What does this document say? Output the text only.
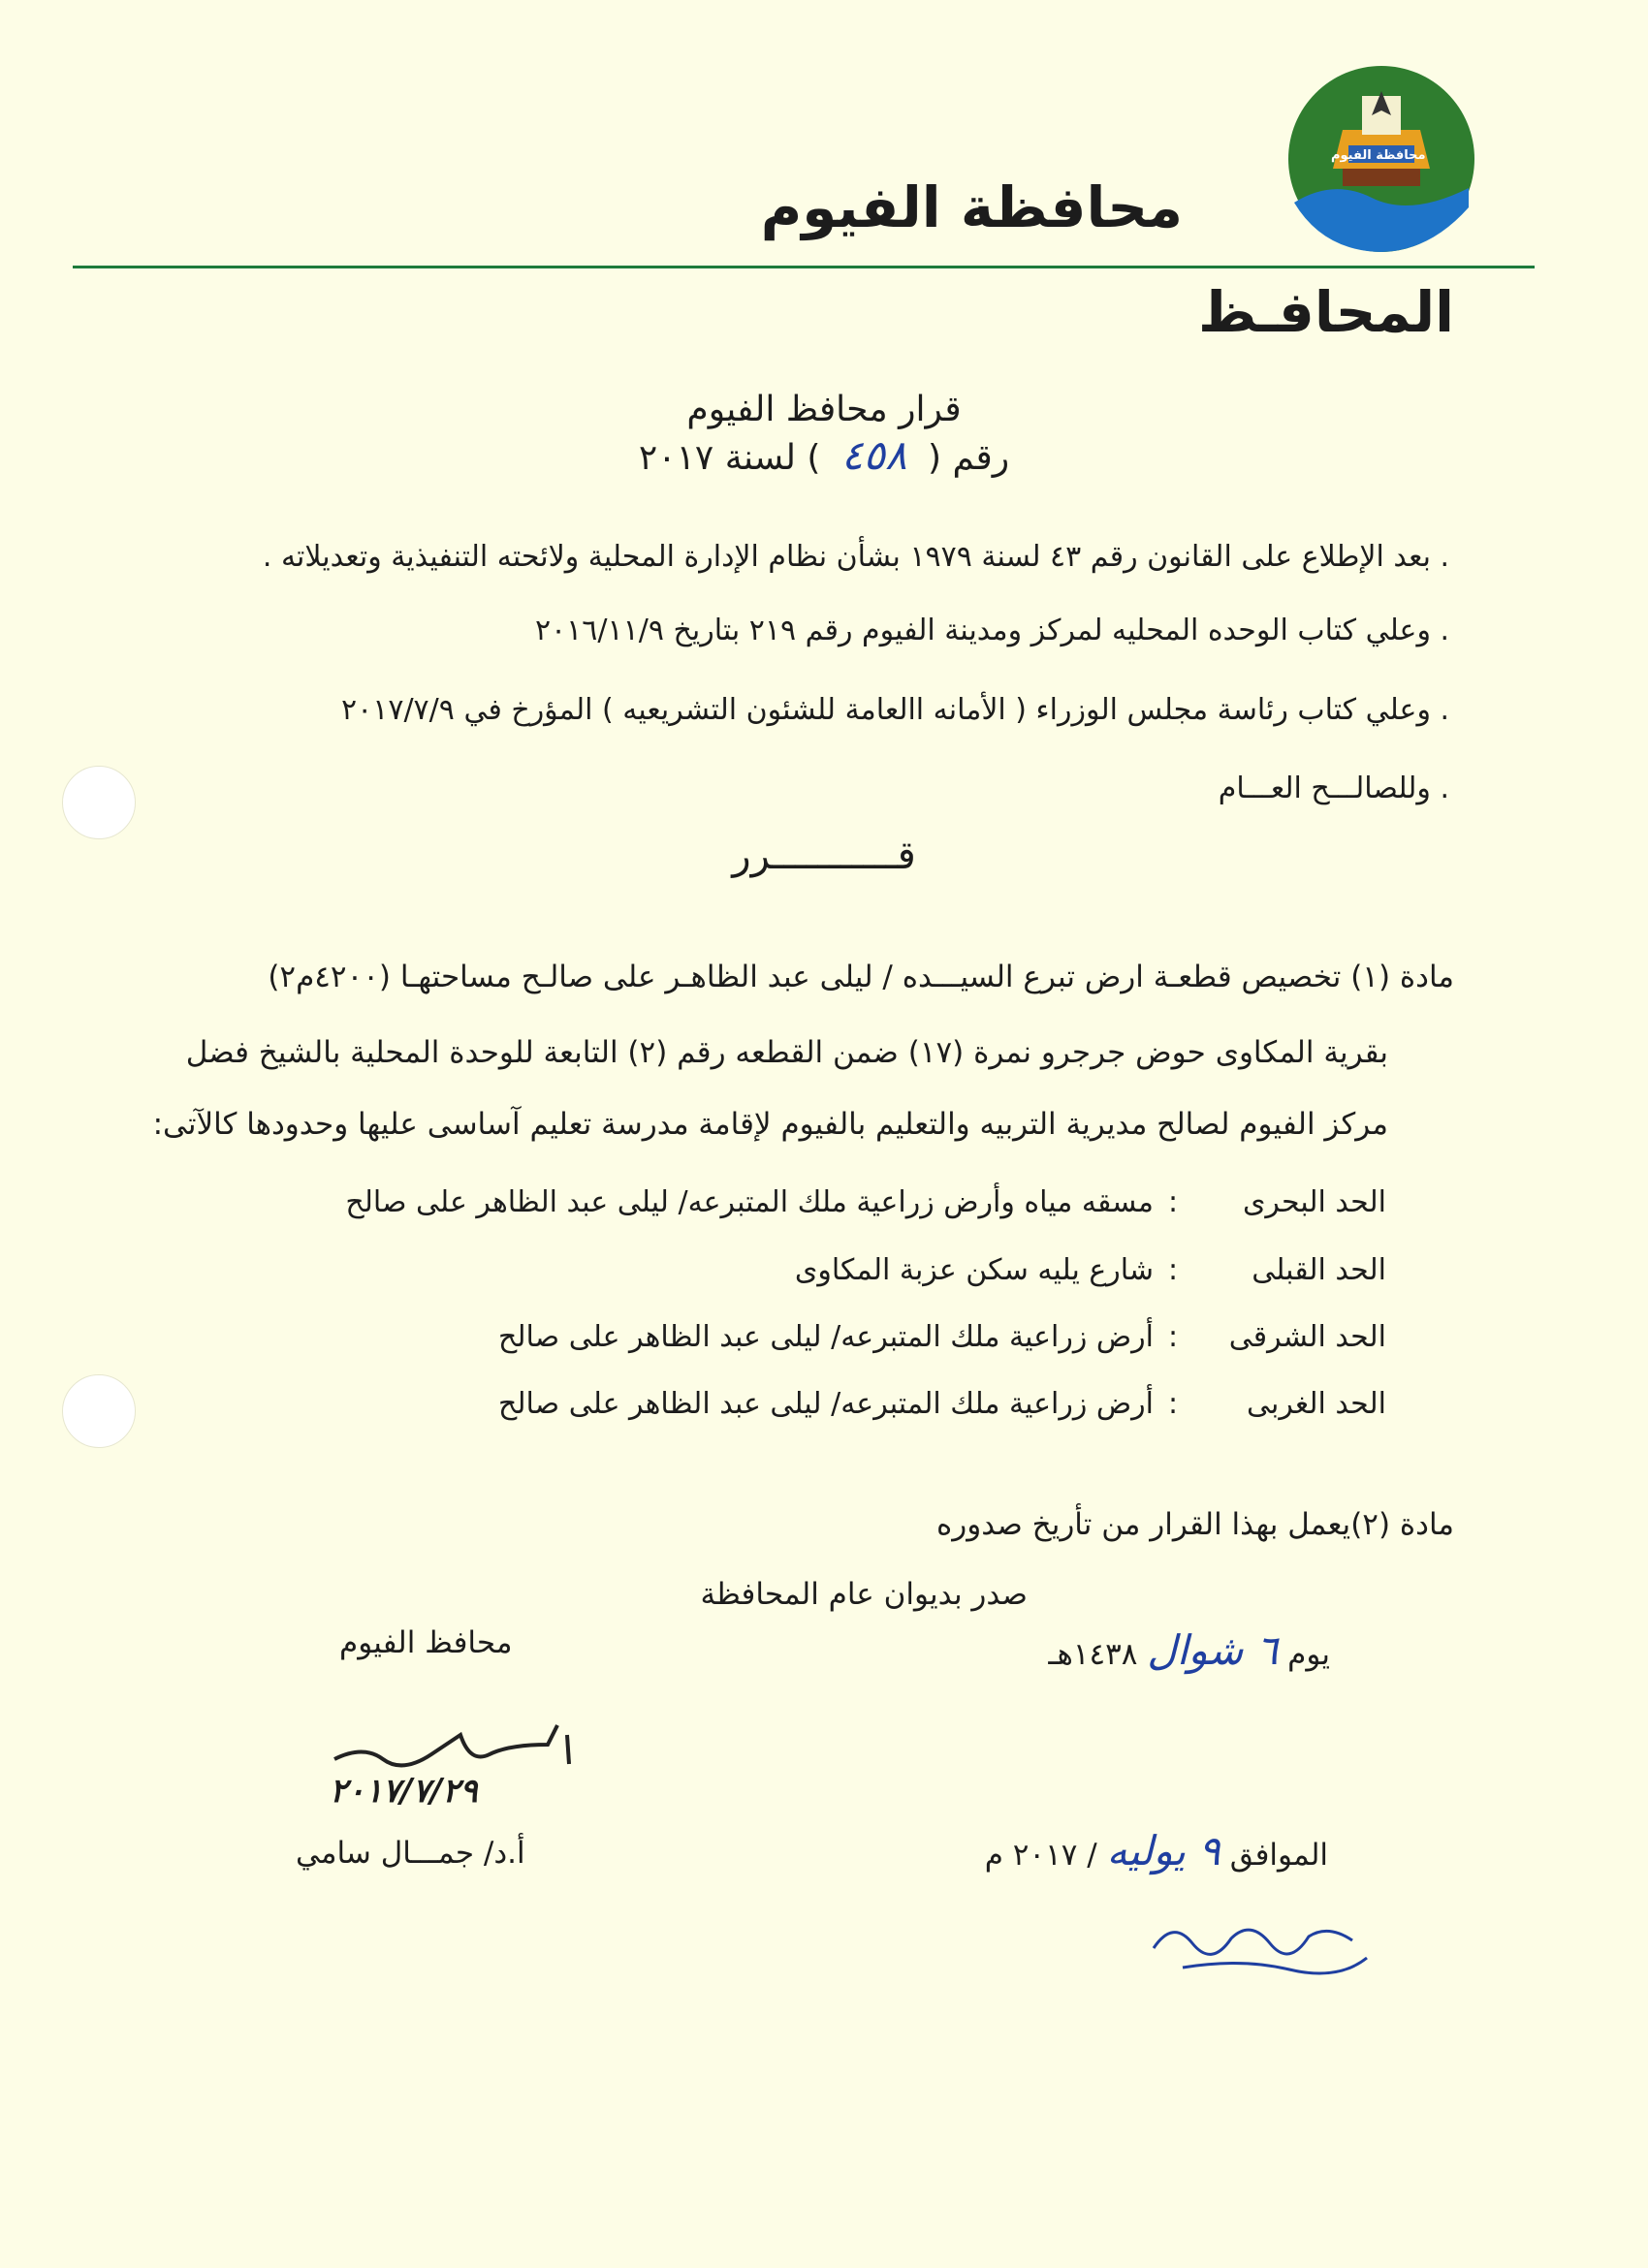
محافظة الفيوم
محافظة الفيوم
المحافـظ
قرار محافظ الفيوم
رقم ( ٤٥٨ ) لسنة ٢٠١٧
. بعد الإطلاع على القانون رقم ٤٣ لسنة ١٩٧٩ بشأن نظام الإدارة المحلية ولائحته التنفيذية وتعديلاته .
. وعلي كتاب الوحده المحليه لمركز ومدينة الفيوم رقم ٢١٩ بتاريخ ٢٠١٦/١١/٩
. وعلي كتاب رئاسة مجلس الوزراء ( الأمانه االعامة للشئون التشريعيه ) المؤرخ في ٢٠١٧/٧/٩
. وللصالـــح العـــام
قـــــــــــرر
مادة (١) تخصيص قطعـة ارض تبرع السيـــده / ليلى عبد الظاهـر على صالـح مساحتهـا (٤٢٠٠م٢)
بقرية المكاوى حوض جرجرو نمرة (١٧) ضمن القطعه رقم (٢) التابعة للوحدة المحلية بالشيخ فضل
مركز الفيوم لصالح مديرية التربيه والتعليم بالفيوم لإقامة مدرسة تعليم آساسى عليها وحدودها كالآتى:
الحد البحرى:مسقه مياه وأرض زراعية ملك المتبرعه/ ليلى عبد الظاهر على صالح
الحد القبلى:شارع يليه سكن عزبة المكاوى
الحد الشرقى:أرض زراعية ملك المتبرعه/ ليلى عبد الظاهر على صالح
الحد الغربى:أرض زراعية ملك المتبرعه/ ليلى عبد الظاهر على صالح
مادة (٢)يعمل بهذا القرار من تأريخ صدوره
صدر بديوان عام المحافظة
يوم ٦ شوال ١٤٣٨هـ
الموافق ٩ يوليه / ٢٠١٧ م
محافظ الفيوم
٢٠١٧/٧/٢٩
أ.د/ جمـــال سامي
